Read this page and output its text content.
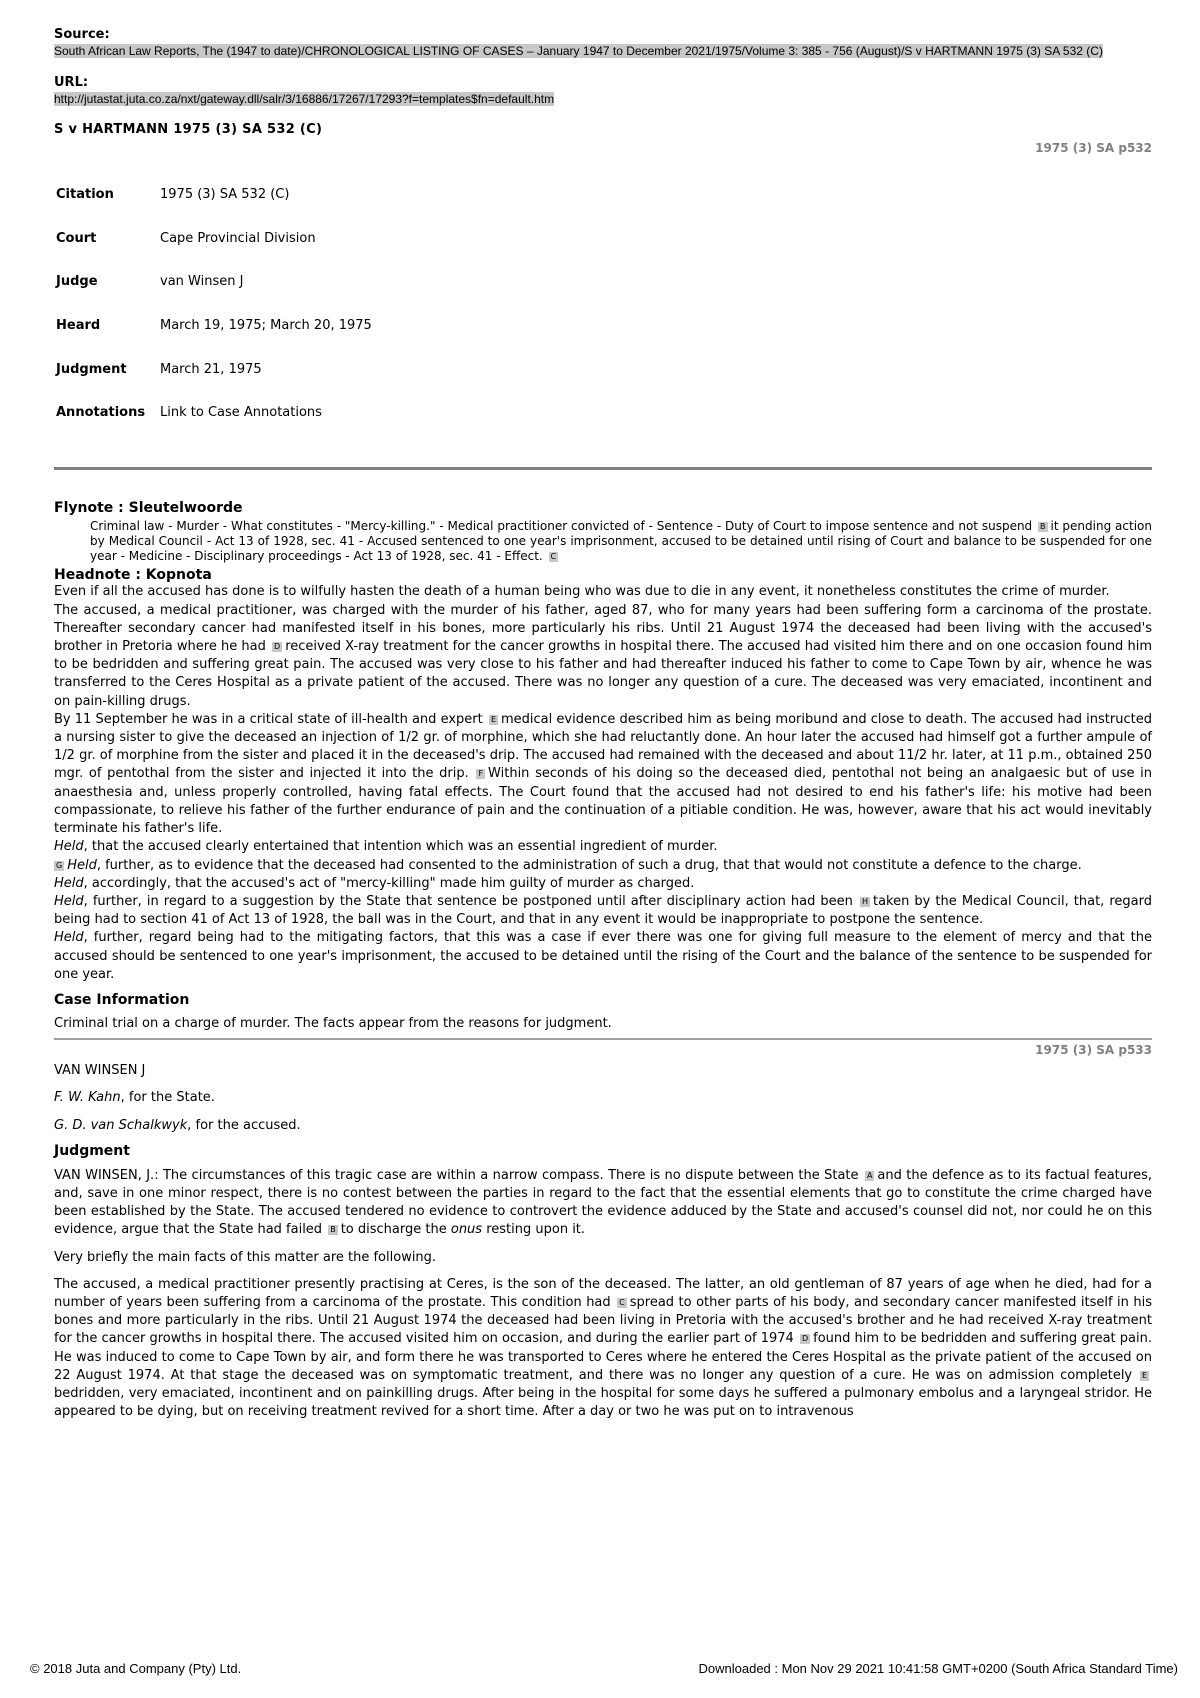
Source:
South African Law Reports, The (1947 to date)/CHRONOLOGICAL LISTING OF CASES – January 1947 to December 2021/1975/Volume 3: 385 - 756 (August)/S v HARTMANN 1975 (3) SA 532 (C)
URL:
http://jutastat.juta.co.za/nxt/gateway.dll/salr/3/16886/17267/17293?f=templates$fn=default.htm
S v HARTMANN 1975 (3) SA 532 (C)
1975 (3) SA p532
Citation	1975 (3) SA 532 (C)
Court	Cape Provincial Division
Judge	van Winsen J
Heard	March 19, 1975; March 20, 1975
Judgment	March 21, 1975
Annotations	Link to Case Annotations
Flynote : Sleutelwoorde
Criminal law - Murder - What constitutes - "Mercy-killing." - Medical practitioner convicted of - Sentence - Duty of Court to impose sentence and not suspend B it pending action by Medical Council - Act 13 of 1928, sec. 41 - Accused sentenced to one year's imprisonment, accused to be detained until rising of Court and balance to be suspended for one year - Medicine - Disciplinary proceedings - Act 13 of 1928, sec. 41 - Effect. C
Headnote : Kopnota
Even if all the accused has done is to wilfully hasten the death of a human being who was due to die in any event, it nonetheless constitutes the crime of murder.
The accused, a medical practitioner, was charged with the murder of his father, aged 87, who for many years had been suffering form a carcinoma of the prostate. Thereafter secondary cancer had manifested itself in his bones, more particularly his ribs. Until 21 August 1974 the deceased had been living with the accused's brother in Pretoria where he had D received X-ray treatment for the cancer growths in hospital there. The accused had visited him there and on one occasion found him to be bedridden and suffering great pain. The accused was very close to his father and had thereafter induced his father to come to Cape Town by air, whence he was transferred to the Ceres Hospital as a private patient of the accused. There was no longer any question of a cure. The deceased was very emaciated, incontinent and on pain-killing drugs.
By 11 September he was in a critical state of ill-health and expert E medical evidence described him as being moribund and close to death. The accused had instructed a nursing sister to give the deceased an injection of 1/2 gr. of morphine, which she had reluctantly done. An hour later the accused had himself got a further ampule of 1/2 gr. of morphine from the sister and placed it in the deceased's drip. The accused had remained with the deceased and about 11/2 hr. later, at 11 p.m., obtained 250 mgr. of pentothal from the sister and injected it into the drip. F Within seconds of his doing so the deceased died, pentothal not being an analgaesic but of use in anaesthesia and, unless properly controlled, having fatal effects. The Court found that the accused had not desired to end his father's life: his motive had been compassionate, to relieve his father of the further endurance of pain and the continuation of a pitiable condition. He was, however, aware that his act would inevitably terminate his father's life.
Held, that the accused clearly entertained that intention which was an essential ingredient of murder.
G Held, further, as to evidence that the deceased had consented to the administration of such a drug, that that would not constitute a defence to the charge.
Held, accordingly, that the accused's act of "mercy-killing" made him guilty of murder as charged.
Held, further, in regard to a suggestion by the State that sentence be postponed until after disciplinary action had been H taken by the Medical Council, that, regard being had to section 41 of Act 13 of 1928, the ball was in the Court, and that in any event it would be inappropriate to postpone the sentence.
Held, further, regard being had to the mitigating factors, that this was a case if ever there was one for giving full measure to the element of mercy and that the accused should be sentenced to one year's imprisonment, the accused to be detained until the rising of the Court and the balance of the sentence to be suspended for one year.
Case Information
Criminal trial on a charge of murder. The facts appear from the reasons for judgment.
1975 (3) SA p533
VAN WINSEN J
F. W. Kahn, for the State.
G. D. van Schalkwyk, for the accused.
Judgment
VAN WINSEN, J.: The circumstances of this tragic case are within a narrow compass. There is no dispute between the State A and the defence as to its factual features, and, save in one minor respect, there is no contest between the parties in regard to the fact that the essential elements that go to constitute the crime charged have been established by the State. The accused tendered no evidence to controvert the evidence adduced by the State and accused's counsel did not, nor could he on this evidence, argue that the State had failed B to discharge the onus resting upon it.
Very briefly the main facts of this matter are the following.
The accused, a medical practitioner presently practising at Ceres, is the son of the deceased. The latter, an old gentleman of 87 years of age when he died, had for a number of years been suffering from a carcinoma of the prostate. This condition had C spread to other parts of his body, and secondary cancer manifested itself in his bones and more particularly in the ribs. Until 21 August 1974 the deceased had been living in Pretoria with the accused's brother and he had received X-ray treatment for the cancer growths in hospital there. The accused visited him on occasion, and during the earlier part of 1974 D found him to be bedridden and suffering great pain. He was induced to come to Cape Town by air, and form there he was transported to Ceres where he entered the Ceres Hospital as the private patient of the accused on 22 August 1974. At that stage the deceased was on symptomatic treatment, and there was no longer any question of a cure. He was on admission completely Ebedridden, very emaciated, incontinent and on painkilling drugs. After being in the hospital for some days he suffered a pulmonary embolus and a laryngeal stridor. He appeared to be dying, but on receiving treatment revived for a short time. After a day or two he was put on to intravenous
© 2018 Juta and Company (Pty) Ltd.	Downloaded : Mon Nov 29 2021 10:41:58 GMT+0200 (South Africa Standard Time)
